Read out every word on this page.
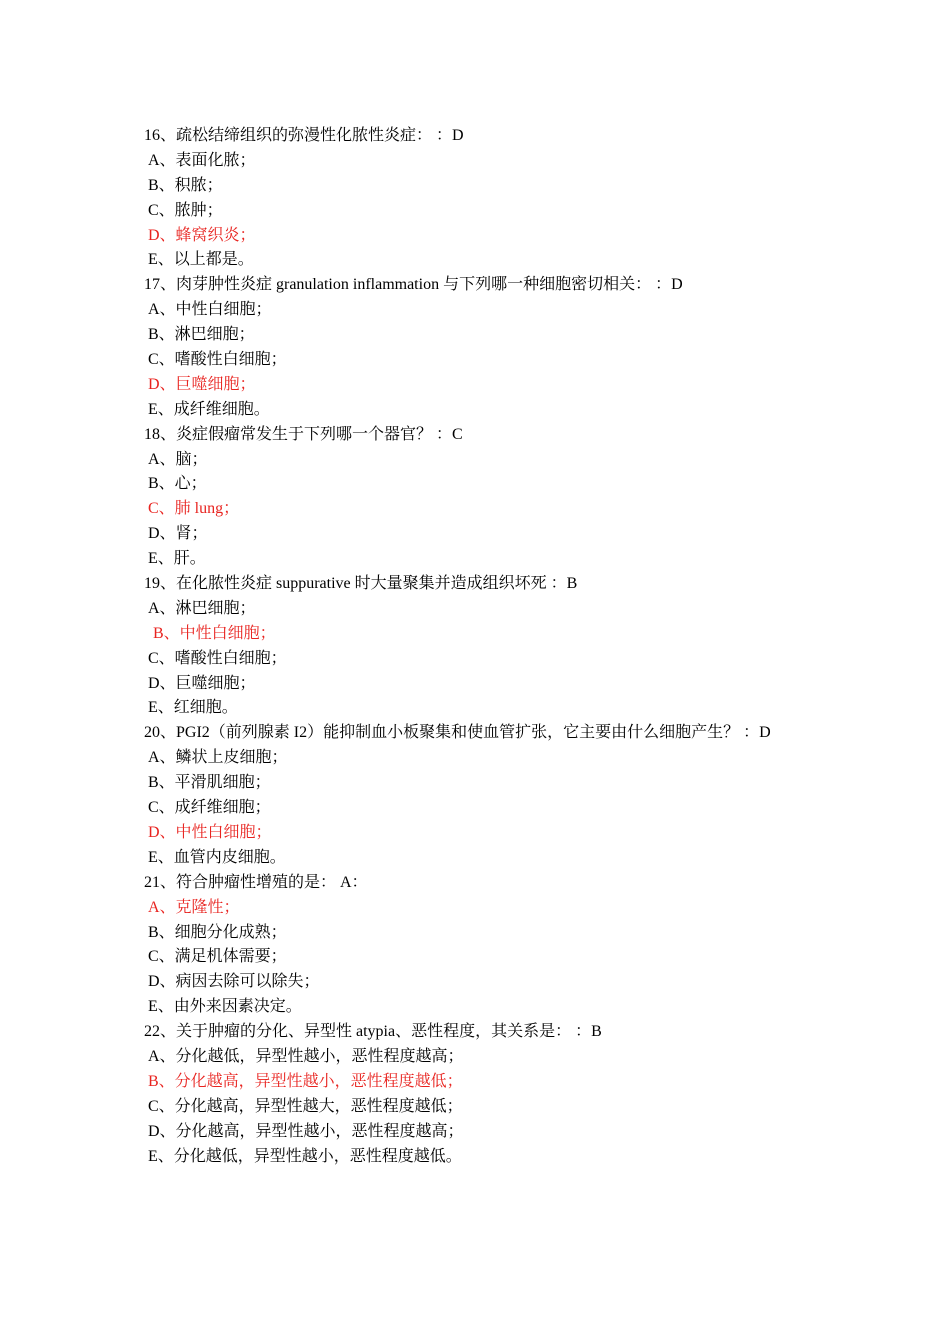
16、疏松结缔组织的弥漫性化脓性炎症： ：D
A、表面化脓；
B、积脓；
C、脓肿；
D、蜂窝织炎；
E、以上都是。
17、肉芽肿性炎症 granulation inflammation 与下列哪一种细胞密切相关： ：D
A、中性白细胞；
B、淋巴细胞；
C、嗜酸性白细胞；
D、巨噬细胞；
E、成纤维细胞。
18、炎症假瘤常发生于下列哪一个器官？ ：C
A、脑；
B、心；
C、肺 lung；
D、肾；
E、肝。
19、在化脓性炎症 suppurative 时大量聚集并造成组织坏死 ：B
A、淋巴细胞；
B、中性白细胞；
C、嗜酸性白细胞；
D、巨噬细胞；
E、红细胞。
20、PGI2（前列腺素 I2）能抑制血小板聚集和使血管扩张，它主要由什么细胞产生？ ：D
A、鳞状上皮细胞；
B、平滑肌细胞；
C、成纤维细胞；
D、中性白细胞；
E、血管内皮细胞。
21、符合肿瘤性增殖的是： A：
A、克隆性；
B、细胞分化成熟；
C、满足机体需要；
D、病因去除可以除失；
E、由外来因素决定。
22、关于肿瘤的分化、异型性 atypia、恶性程度，其关系是： ：B
A、分化越低，异型性越小，恶性程度越高；
B、分化越高，异型性越小，恶性程度越低；
C、分化越高，异型性越大，恶性程度越低；
D、分化越高，异型性越小，恶性程度越高；
E、分化越低，异型性越小，恶性程度越低。
